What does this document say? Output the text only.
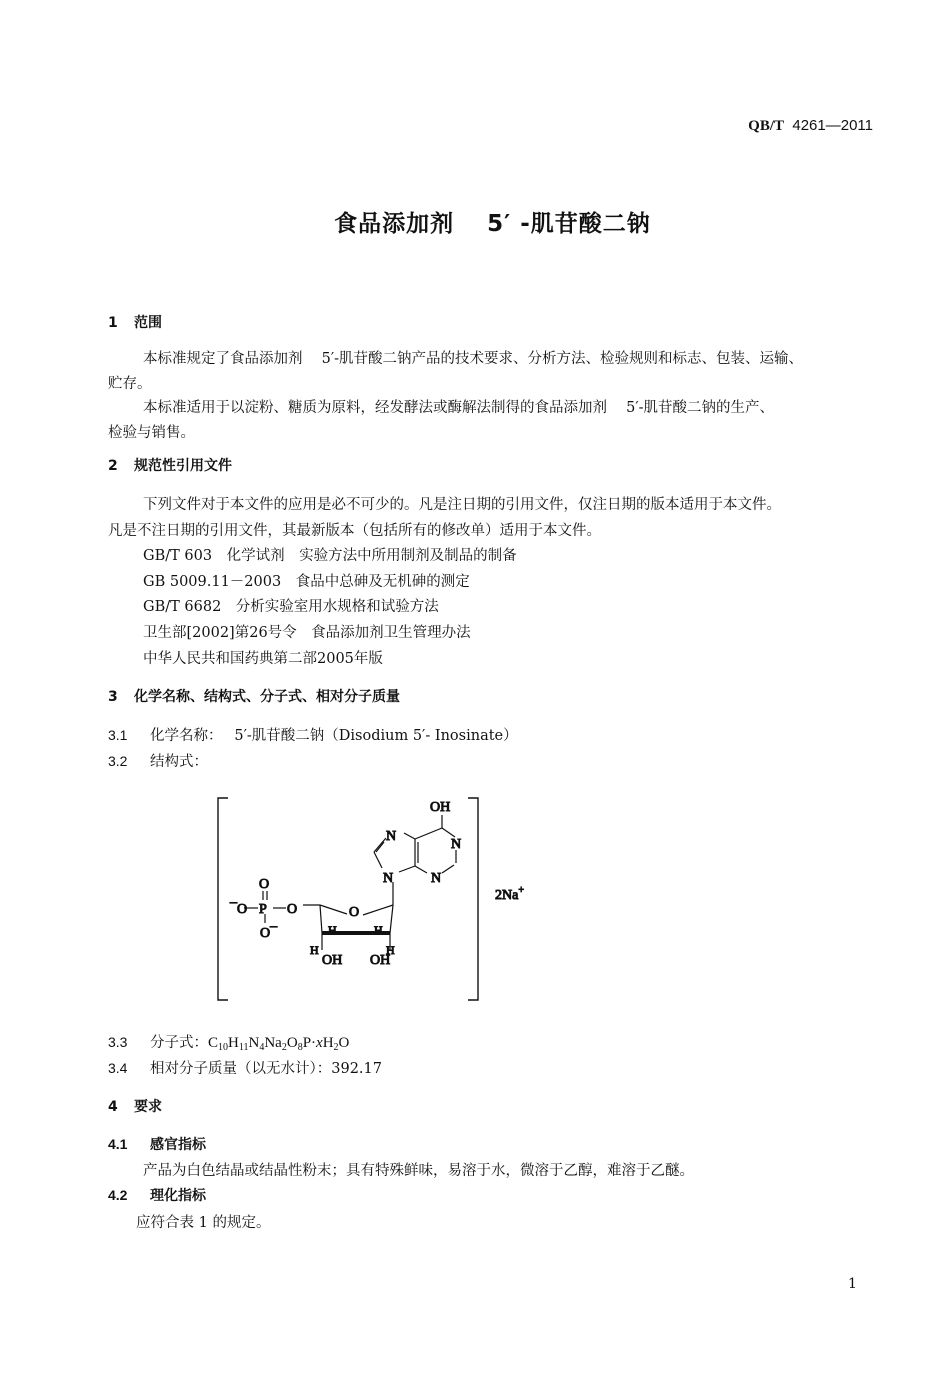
QB/T 4261—2011
食品添加剂　 5′ -肌苷酸二钠
1 范围
本标准规定了食品添加剂　 5′-肌苷酸二钠产品的技术要求、分析方法、检验规则和标志、包装、运输、
贮存。
本标准适用于以淀粉、糖质为原料，经发酵法或酶解法制得的食品添加剂　 5′-肌苷酸二钠的生产、
检验与销售。
2 规范性引用文件
下列文件对于本文件的应用是必不可少的。凡是注日期的引用文件，仅注日期的版本适用于本文件。
凡是不注日期的引用文件，其最新版本（包括所有的修改单）适用于本文件。
GB/T 603　化学试剂　实验方法中所用制剂及制品的制备
GB 5009.11－2003　食品中总砷及无机砷的测定
GB/T 6682　分析实验室用水规格和试验方法
卫生部[2002]第26号令　食品添加剂卫生管理办法
中华人民共和国药典第二部2005年版
3 化学名称、结构式、分子式、相对分子质量
3.1 化学名称：　 5′-肌苷酸二钠（Disodium 5′- Inosinate）
3.2 结构式：
OH
N
N
N
N
O
H	H
H	H
OH OH
O
P
¯O	O
O¯
2Na+
3.3 分子式：$C_{10}H_{11}N_4Na_2O_8P\cdot xH_2O$
3.4 相对分子质量（以无水计）：392.17
4 要求
4.1 感官指标
产品为白色结晶或结晶性粉末；具有特殊鲜味，易溶于水，微溶于乙醇，难溶于乙醚。
4.2 理化指标
应符合表 1 的规定。
1
